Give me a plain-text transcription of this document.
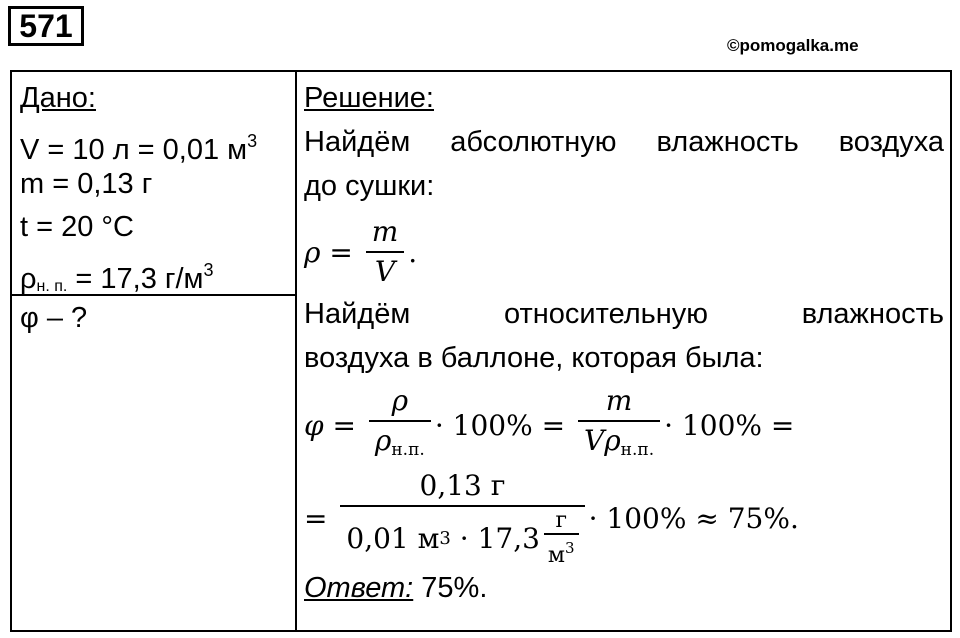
571
©pomogalka.me
Дано:
V = 10 л = 0,01 $м^3$
m = 0,13 г
t = 20 °C
ρн. п. = 17,3 $г/м^3$
φ – ?
Решение:
Найдём абсолютную влажность воздуха
до сушки:
$\rho = \frac{m}{V}$ .
Найдём относительную влажность
воздуха в баллоне, которая была:
$\varphi = \frac{\rho}{\rho н.п.} \cdot 100\% = \frac{m}{\text{Vρн.п.}} \cdot 100\%$ =
= 0,13 г
0,01 м 3 · 17,3
г
$м^3 \cdot 100\% \approx 75\%$.
Ответ: 75%.
